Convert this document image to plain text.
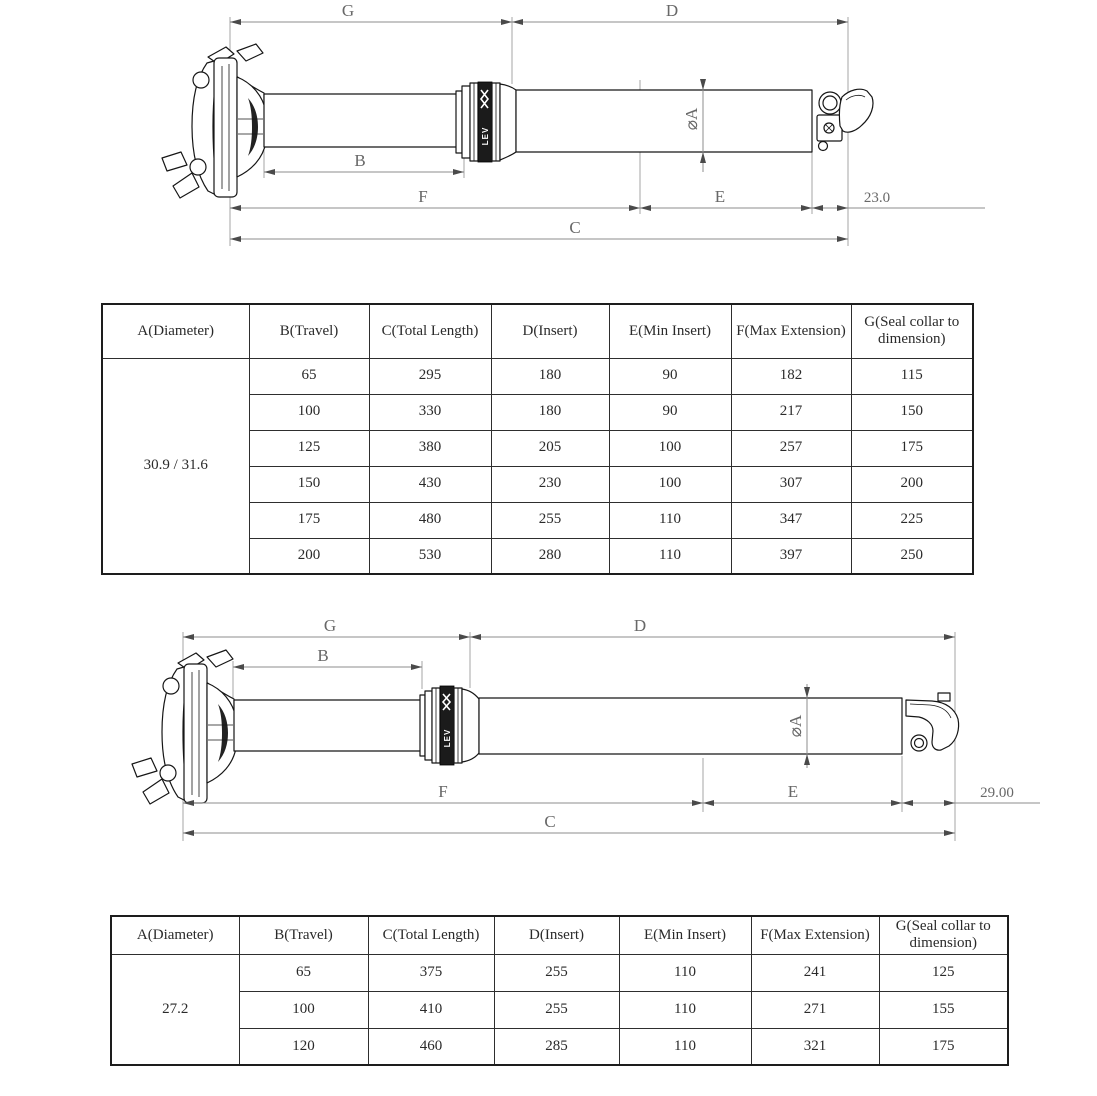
LEV
G	D
B
F	E	23.0
C
⌀A
A(Diameter)	B(Travel)	C(Total Length)	D(Insert)	E(Min Insert)	F(Max Extension)	G(Seal collar to dimension)
30.9 / 31.6	65	295	180	90	182	115
	100	330	180	90	217	150
	125	380	205	100	257	175
	150	430	230	100	307	200
	175	480	255	110	347	225
	200	530	280	110	397	250
LEV
G	D
B
F	E	29.00
C
⌀A
A(Diameter)	B(Travel)	C(Total Length)	D(Insert)	E(Min Insert)	F(Max Extension)	G(Seal collar to dimension)
27.2	65	375	255	110	241	125
	100	410	255	110	271	155
	120	460	285	110	321	175
